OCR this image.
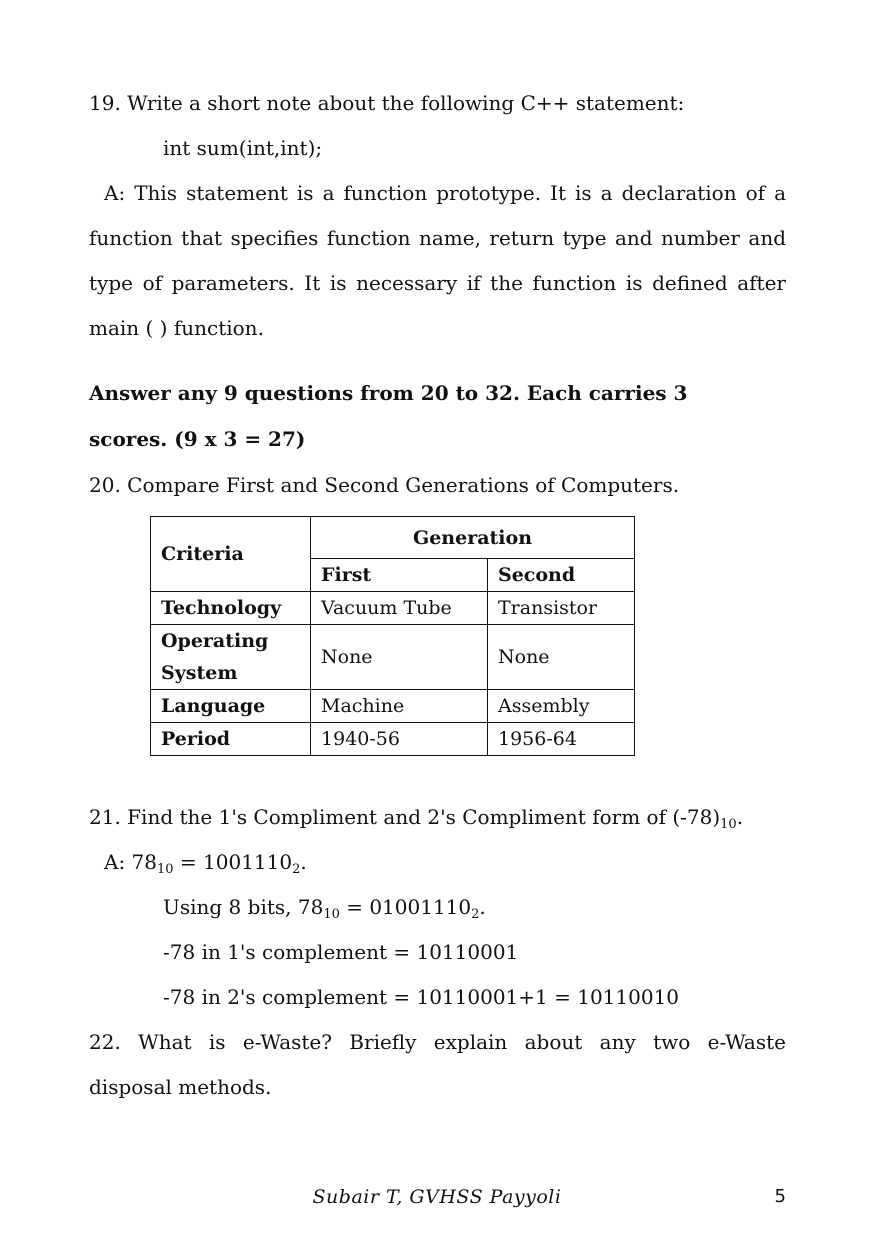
19. Write a short note about the following C++ statement:
int sum(int,int);
A: This statement is a function prototype. It is a declaration of a
function that specifies function name, return type and number and
type of parameters. It is necessary if the function is defined after
main ( ) function.
Answer any 9 questions from 20 to 32. Each carries 3
scores. (9 x 3 = 27)
20. Compare First and Second Generations of Computers.
Criteria	Generation	
	First	Second
Technology	Vacuum Tube	Transistor

Operating
System	None	None
Language	Machine	Assembly
Period	1940-56	1956-64
21. Find the 1's Compliment and 2's Compliment form of $(-78)_{10}$.
A: $78_{10} = 1001110_2$.
Using 8 bits, $78_{10} = 01001110_2$.
-78 in 1's complement = 10110001
-78 in 2's complement = 10110001+1 = 10110010
22. What is e-Waste? Briefly explain about any two e-Waste
disposal methods.
Subair T, GVHSS Payyoli	5
